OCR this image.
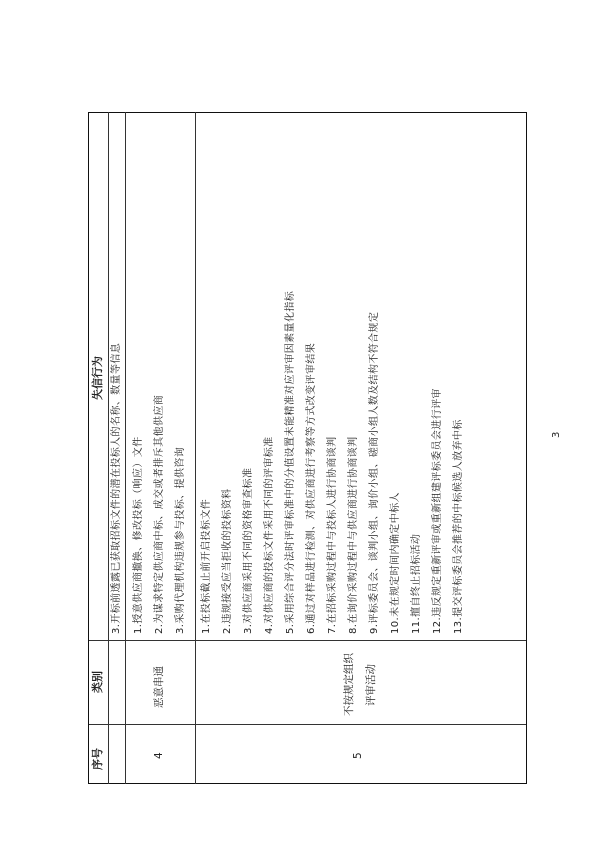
序号
类别
失信行为 3.开标前透露已获取招标文件的潜在投标人的名称、数量等信息
4
恶意串通
1.授意供应商撤换、修改投标（响应）文件 2.为谋求特定供应商中标、成交或者排斥其他供应商 3.采购代理机构违规参与投标、提供咨询
5
不按规定组织 评审活动
1.在投标截止前开启投标文件 2.违规接受应当拒收的投标资料 3.对供应商采用不同的资格审查标准 4.对供应商的投标文件采用不同的评审标准 5.采用综合评分法时评审标准中的分值设置未能精准对应评审因素量化指标 6.通过对样品进行检测、对供应商进行考察等方式改变评审结果 7.在招标采购过程中与投标人进行协商谈判 8.在询价采购过程中与供应商进行协商谈判 9.评标委员会、谈判小组、询价小组、磋商小组人数及结构不符合规定 10.未在规定时间内确定中标人 11.擅自终止招标活动 12.违反规定重新评审或重新组建评标委员会进行评审 13.提交评标委员会推荐的中标候选人放弃中标	3
